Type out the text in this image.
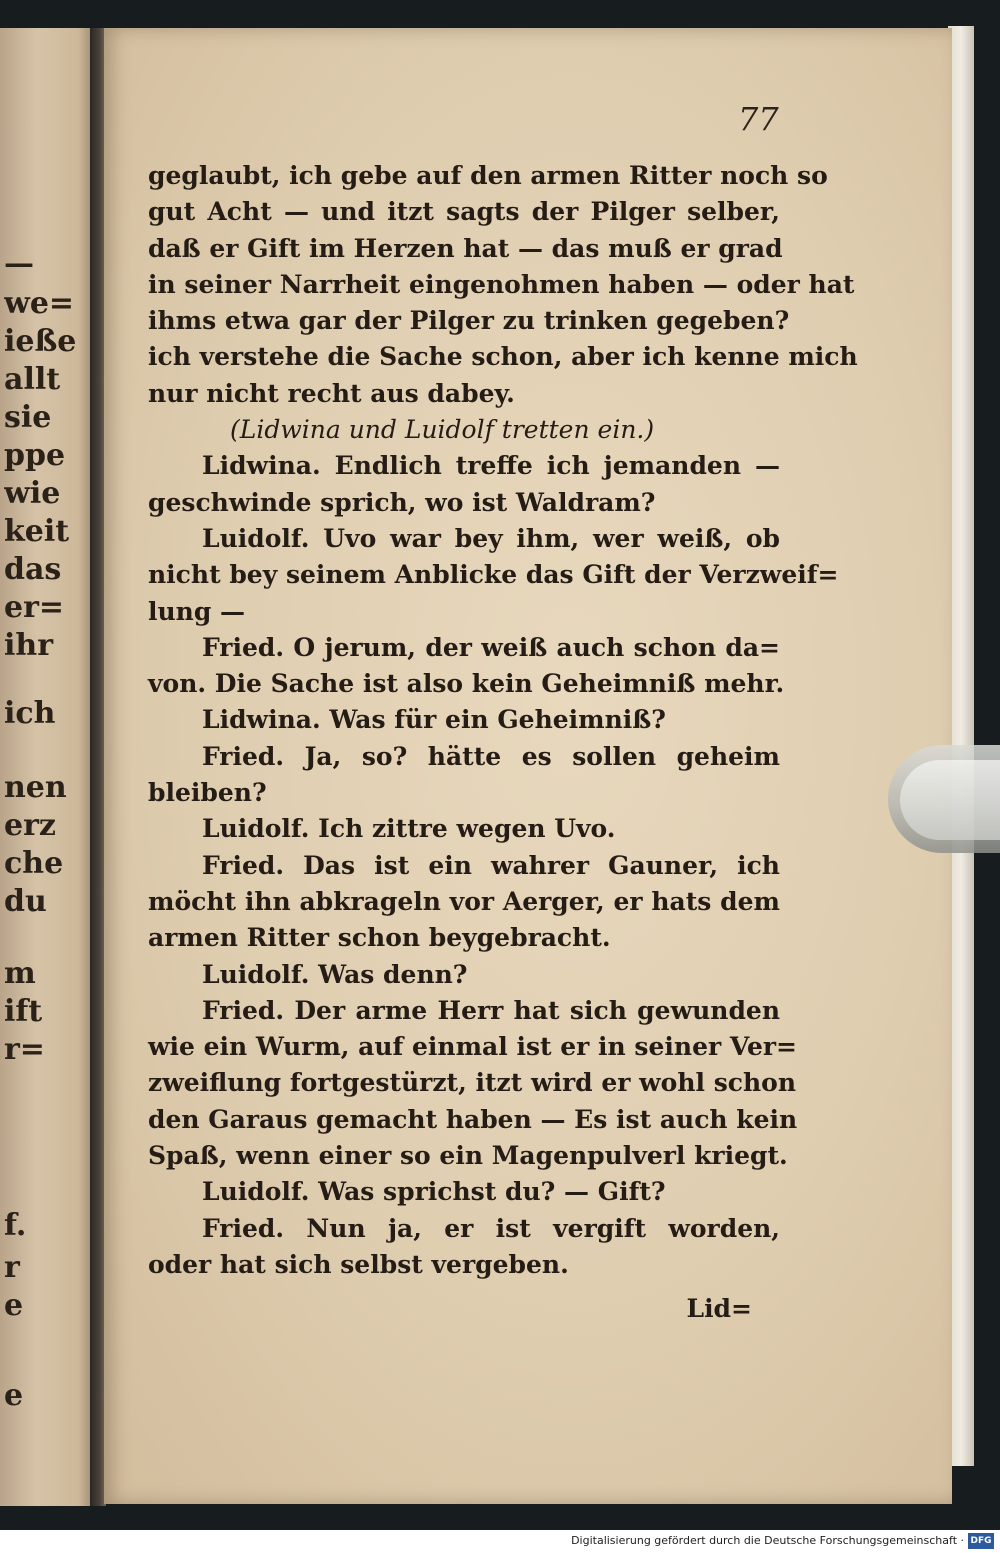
—
we=
ieße
allt
sie
ppe
wie
keit
das
er=
ihr
ich
nen
erz
che
du
m
ift
r=
f.
r
e
e
77
geglaubt, ich gebe auf den armen Ritter noch so
gut Acht — und itzt sagts der Pilger selber,
daß er Gift im Herzen hat — das muß er grad
in seiner Narrheit eingenohmen haben — oder hat
ihms etwa gar der Pilger zu trinken gegeben?
ich verstehe die Sache schon, aber ich kenne mich
nur nicht recht aus dabey.
(Lidwina und Luidolf tretten ein.)
Lidwina. Endlich treffe ich jemanden —
geschwinde sprich, wo ist Waldram?
Luidolf. Uvo war bey ihm, wer weiß, ob
nicht bey seinem Anblicke das Gift der Verzweif=
lung —
Fried. O jerum, der weiß auch schon da=
von. Die Sache ist also kein Geheimniß mehr.
Lidwina. Was für ein Geheimniß?
Fried. Ja, so? hätte es sollen geheim
bleiben?
Luidolf. Ich zittre wegen Uvo.
Fried. Das ist ein wahrer Gauner, ich
möcht ihn abkrageln vor Aerger, er hats dem
armen Ritter schon beygebracht.
Luidolf. Was denn?
Fried. Der arme Herr hat sich gewunden
wie ein Wurm, auf einmal ist er in seiner Ver=
zweiflung fortgestürzt, itzt wird er wohl schon
den Garaus gemacht haben — Es ist auch kein
Spaß, wenn einer so ein Magenpulverl kriegt.
Luidolf. Was sprichst du? — Gift?
Fried. Nun ja, er ist vergift worden,
oder hat sich selbst vergeben.
Lid=
Digitalisierung gefördert durch die Deutsche Forschungsgemeinschaft · DFG
